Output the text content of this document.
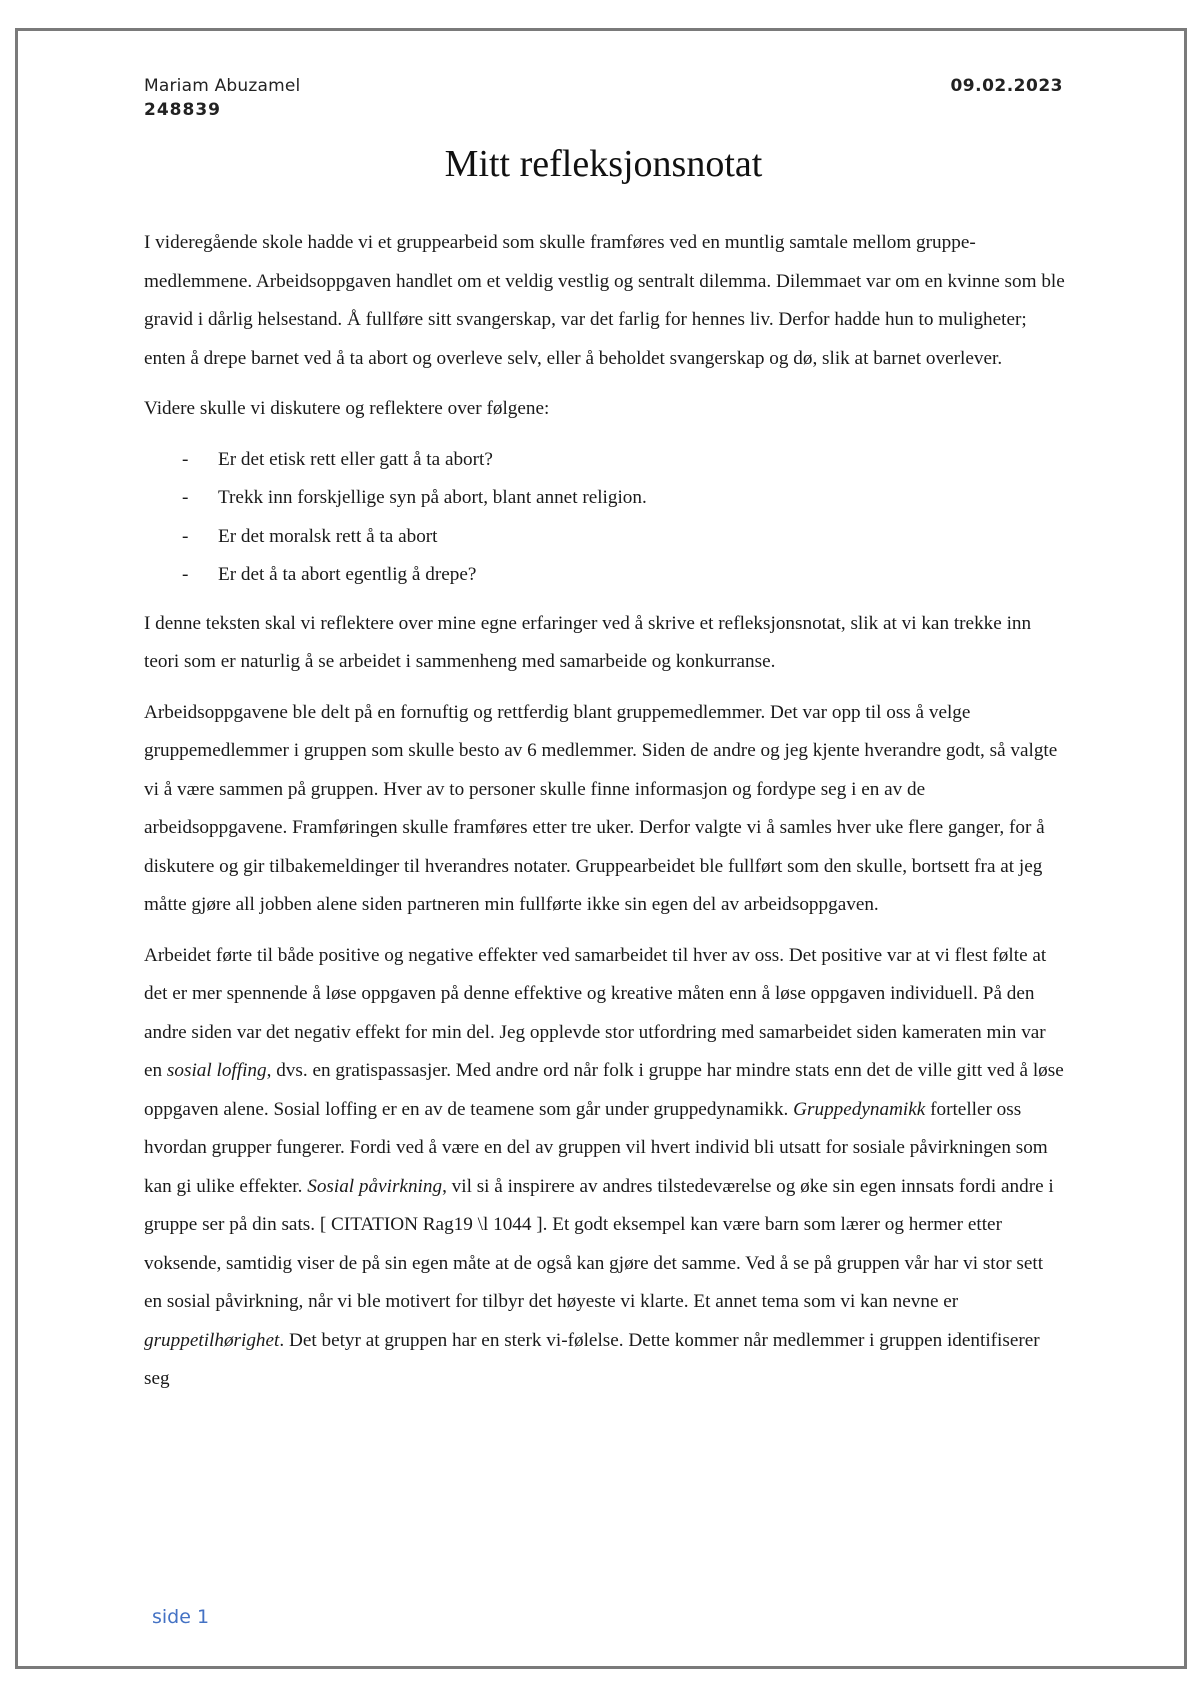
Mariam Abuzamel
248839
09.02.2023
Mitt refleksjonsnotat

I videregående skole hadde vi et gruppearbeid som skulle framføres ved en muntlig samtale mellom gruppe-medlemmene. Arbeidsoppgaven handlet om et veldig vestlig og sentralt dilemma. Dilemmaet var om en kvinne som ble gravid i dårlig helsestand. Å fullføre sitt svangerskap, var det farlig for hennes liv. Derfor hadde hun to muligheter; enten å drepe barnet ved å ta abort og overleve selv, eller å beholdet svangerskap og dø, slik at barnet overlever.

Videre skulle vi diskutere og reflektere over følgene:

- Er det etisk rett eller gatt å ta abort?
- Trekk inn forskjellige syn på abort, blant annet religion.
- Er det moralsk rett å ta abort
- Er det å ta abort egentlig å drepe?

I denne teksten skal vi reflektere over mine egne erfaringer ved å skrive et refleksjonsnotat, slik at vi kan trekke inn teori som er naturlig å se arbeidet i sammenheng med samarbeide og konkurranse.

Arbeidsoppgavene ble delt på en fornuftig og rettferdig blant gruppemedlemmer. Det var opp til oss å velge gruppemedlemmer i gruppen som skulle besto av 6 medlemmer. Siden de andre og jeg kjente hverandre godt, så valgte vi å være sammen på gruppen. Hver av to personer skulle finne informasjon og fordype seg i en av de arbeidsoppgavene. Framføringen skulle framføres etter tre uker. Derfor valgte vi å samles hver uke flere ganger, for å diskutere og gir tilbakemeldinger til hverandres notater. Gruppearbeidet ble fullført som den skulle, bortsett fra at jeg måtte gjøre all jobben alene siden partneren min fullførte ikke sin egen del av arbeidsoppgaven.

Arbeidet førte til både positive og negative effekter ved samarbeidet til hver av oss. Det positive var at vi flest følte at det er mer spennende å løse oppgaven på denne effektive og kreative måten enn å løse oppgaven individuell. På den andre siden var det negativ effekt for min del. Jeg opplevde stor utfordring med samarbeidet siden kameraten min var en sosial loffing, dvs. en gratispassasjer. Med andre ord når folk i gruppe har mindre stats enn det de ville gitt ved å løse oppgaven alene. Sosial loffing er en av de teamene som går under gruppedynamikk. Gruppedynamikk forteller oss hvordan grupper fungerer. Fordi ved å være en del av gruppen vil hvert individ bli utsatt for sosiale påvirkningen som kan gi ulike effekter. Sosial påvirkning, vil si å inspirere av andres tilstedeværelse og øke sin egen innsats fordi andre i gruppe ser på din sats. [ CITATION Rag19 \l 1044 ]. Et godt eksempel kan være barn som lærer og hermer etter voksende, samtidig viser de på sin egen måte at de også kan gjøre det samme. Ved å se på gruppen vår har vi stor sett en sosial påvirkning, når vi ble motivert for tilbyr det høyeste vi klarte. Et annet tema som vi kan nevne er gruppetilhørighet. Det betyr at gruppen har en sterk vi-følelse. Dette kommer når medlemmer i gruppen identifiserer seg

side 1
